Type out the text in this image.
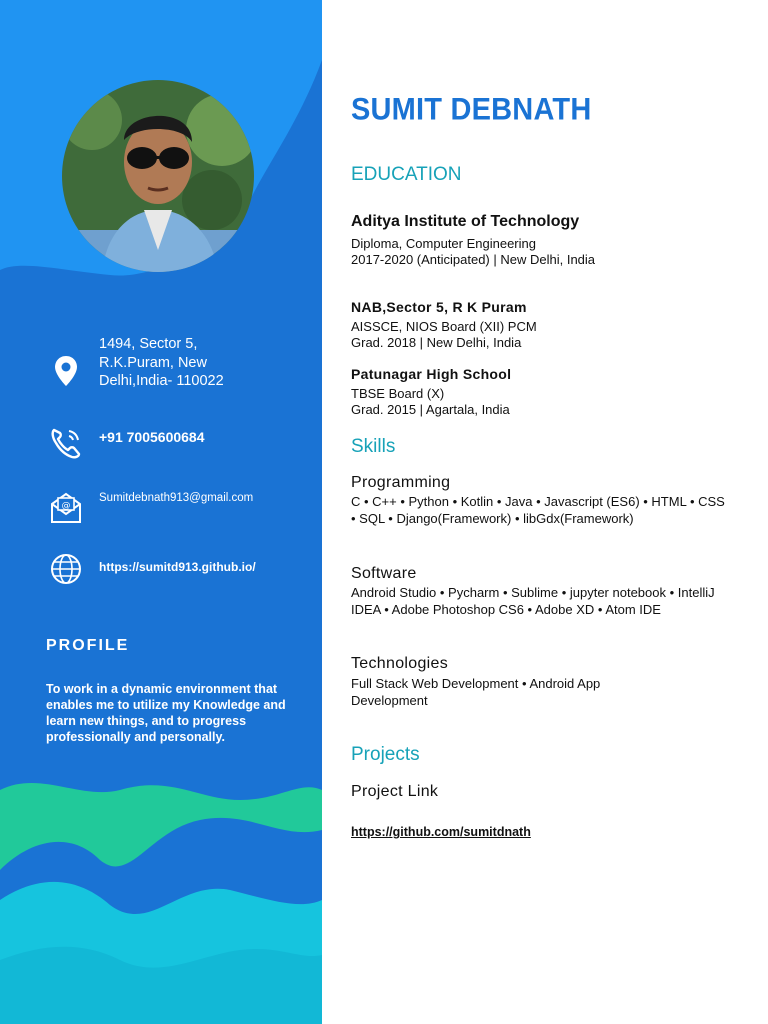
1494, Sector 5,
R.K.Puram, New
Delhi,India- 110022
+91 7005600684
@
Sumitdebnath913@gmail.com
https://sumitd913.github.io/
PROFILE
To work in a dynamic environment that enables me to utilize my Knowledge and learn new things, and to progress professionally and personally.
SUMIT DEBNATH
EDUCATION
Aditya Institute of Technology
Diploma, Computer Engineering
2017-2020 (Anticipated) | New Delhi, India
NAB,Sector 5, R K Puram
AISSCE, NIOS Board (XII) PCM
Grad. 2018 | New Delhi, India
Patunagar High School
TBSE Board (X)
Grad. 2015 | Agartala, India
Skills
Programming
C • C++ • Python • Kotlin • Java • Javascript (ES6) • HTML • CSS • SQL • Django(Framework) • libGdx(Framework)
Software
Android Studio • Pycharm • Sublime • jupyter notebook • IntelliJ IDEA • Adobe Photoshop CS6 • Adobe XD • Atom IDE
Technologies
Full Stack Web Development • Android App Development
Projects
Project Link
https://github.com/sumitdnath
